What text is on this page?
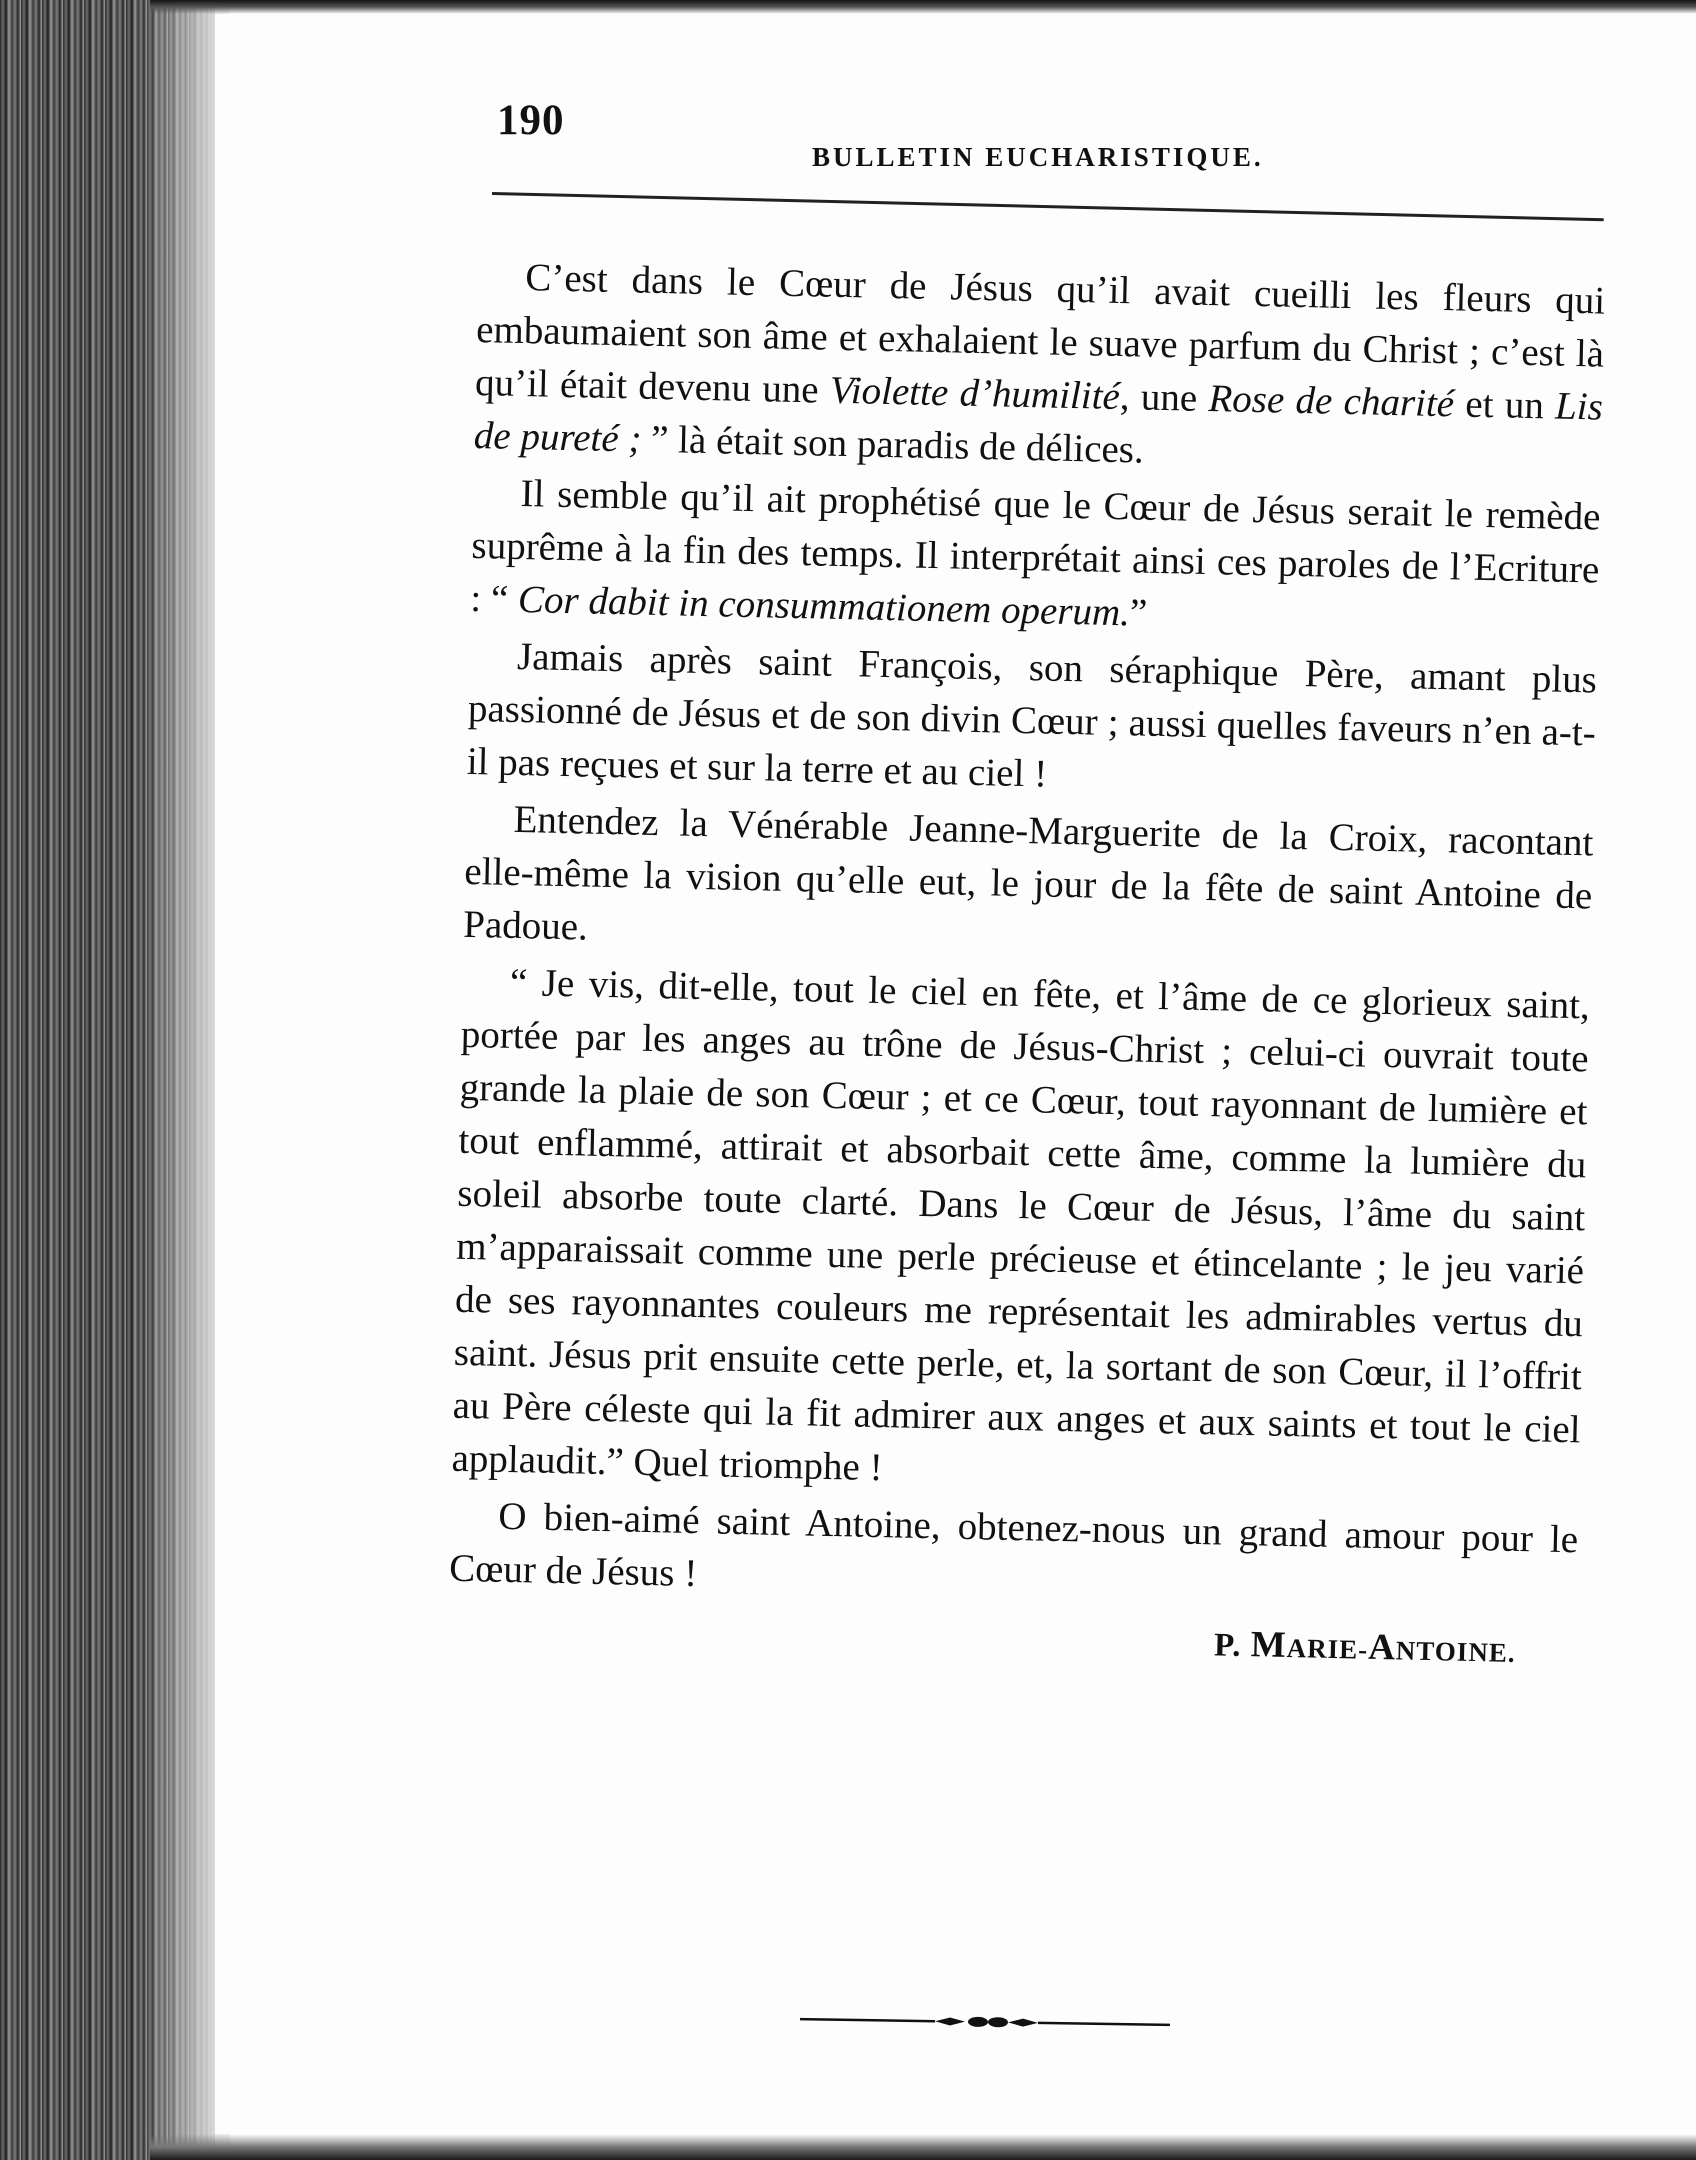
190
BULLETIN EUCHARISTIQUE.

C’est dans le Cœur de Jésus qu’il avait cueilli les fleurs qui embaumaient son âme et exhalaient le suave parfum du Christ ; c’est là qu’il était devenu une Violette d’humilité, une Rose de charité et un Lis de pureté ; ” là était son paradis de délices.

Il semble qu’il ait prophétisé que le Cœur de Jésus serait le remède suprême à la fin des temps. Il interprétait ainsi ces paroles de l’Ecriture : “ Cor dabit in consummationem operum.”

Jamais après saint François, son séraphique Père, amant plus passionné de Jésus et de son divin Cœur ; aussi quelles faveurs n’en a-t-il pas reçues et sur la terre et au ciel !

Entendez la Vénérable Jeanne-Marguerite de la Croix, racontant elle-même la vision qu’elle eut, le jour de la fête de saint Antoine de Padoue.

“ Je vis, dit-elle, tout le ciel en fête, et l’âme de ce glorieux saint, portée par les anges au trône de Jésus-Christ ; celui-ci ouvrait toute grande la plaie de son Cœur ; et ce Cœur, tout rayonnant de lumière et tout enflammé, attirait et absorbait cette âme, comme la lumière du soleil absorbe toute clarté. Dans le Cœur de Jésus, l’âme du saint m’apparaissait comme une perle précieuse et étincelante ; le jeu varié de ses rayonnantes couleurs me représentait les admirables vertus du saint. Jésus prit ensuite cette perle, et, la sortant de son Cœur, il l’offrit au Père céleste qui la fit admirer aux anges et aux saints et tout le ciel applaudit.” Quel triomphe !

O bien-aimé saint Antoine, obtenez-nous un grand amour pour le Cœur de Jésus !

P. MARIE-ANTOINE.
